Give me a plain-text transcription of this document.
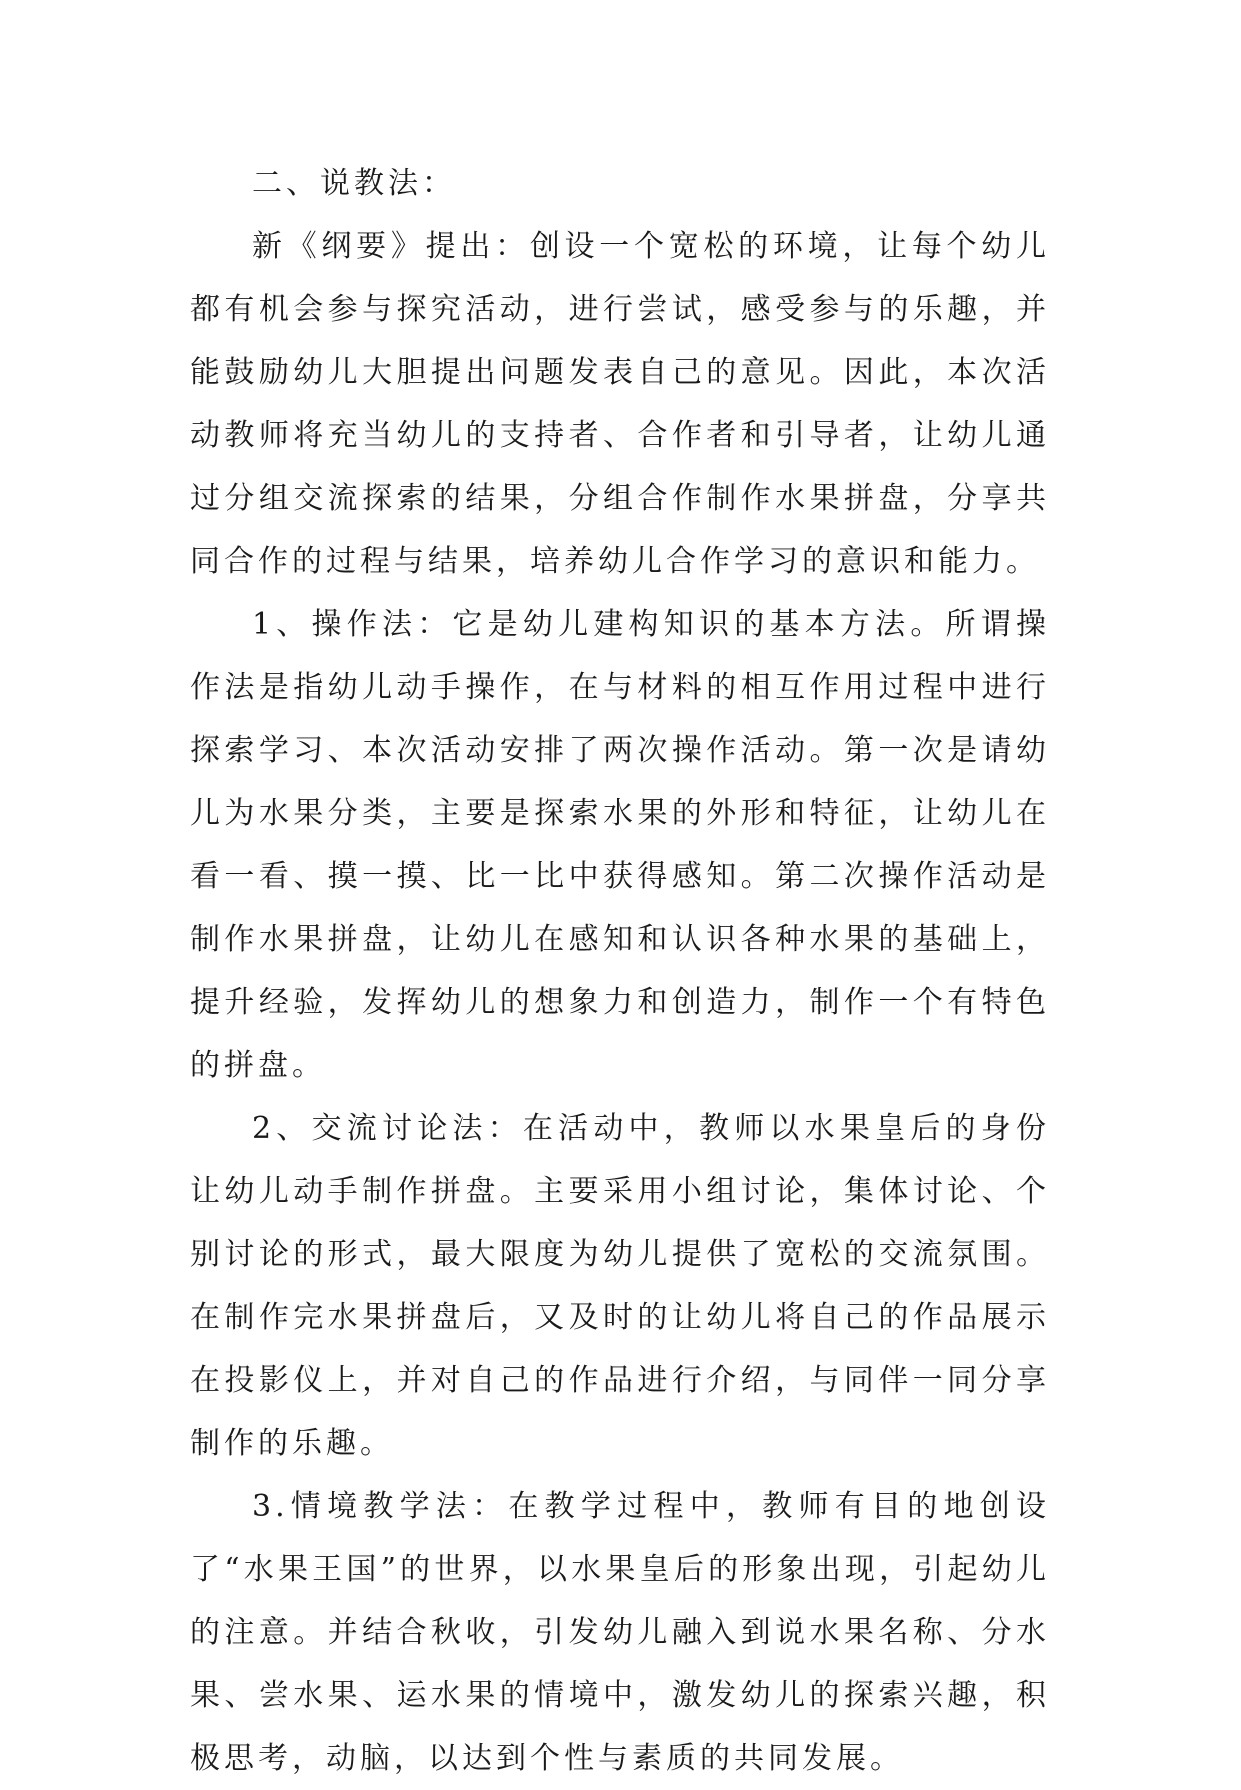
二、说教法：

新《纲要》提出：创设一个宽松的环境，让每个幼儿都有机会参与探究活动，进行尝试，感受参与的乐趣，并能鼓励幼儿大胆提出问题发表自己的意见。因此，本次活动教师将充当幼儿的支持者、合作者和引导者，让幼儿通过分组交流探索的结果，分组合作制作水果拼盘，分享共同合作的过程与结果，培养幼儿合作学习的意识和能力。

1、操作法：它是幼儿建构知识的基本方法。所谓操作法是指幼儿动手操作，在与材料的相互作用过程中进行探索学习、本次活动安排了两次操作活动。第一次是请幼儿为水果分类，主要是探索水果的外形和特征，让幼儿在看一看、摸一摸、比一比中获得感知。第二次操作活动是制作水果拼盘，让幼儿在感知和认识各种水果的基础上，提升经验，发挥幼儿的想象力和创造力，制作一个有特色的拼盘。

2、交流讨论法：在活动中，教师以水果皇后的身份让幼儿动手制作拼盘。主要采用小组讨论，集体讨论、个别讨论的形式，最大限度为幼儿提供了宽松的交流氛围。在制作完水果拼盘后，又及时的让幼儿将自己的作品展示在投影仪上，并对自己的作品进行介绍，与同伴一同分享制作的乐趣。

3.情境教学法：在教学过程中，教师有目的地创设了“水果王国”的世界，以水果皇后的形象出现，引起幼儿的注意。并结合秋收，引发幼儿融入到说水果名称、分水果、尝水果、运水果的情境中，激发幼儿的探索兴趣，积极思考，动脑，以达到个性与素质的共同发展。
